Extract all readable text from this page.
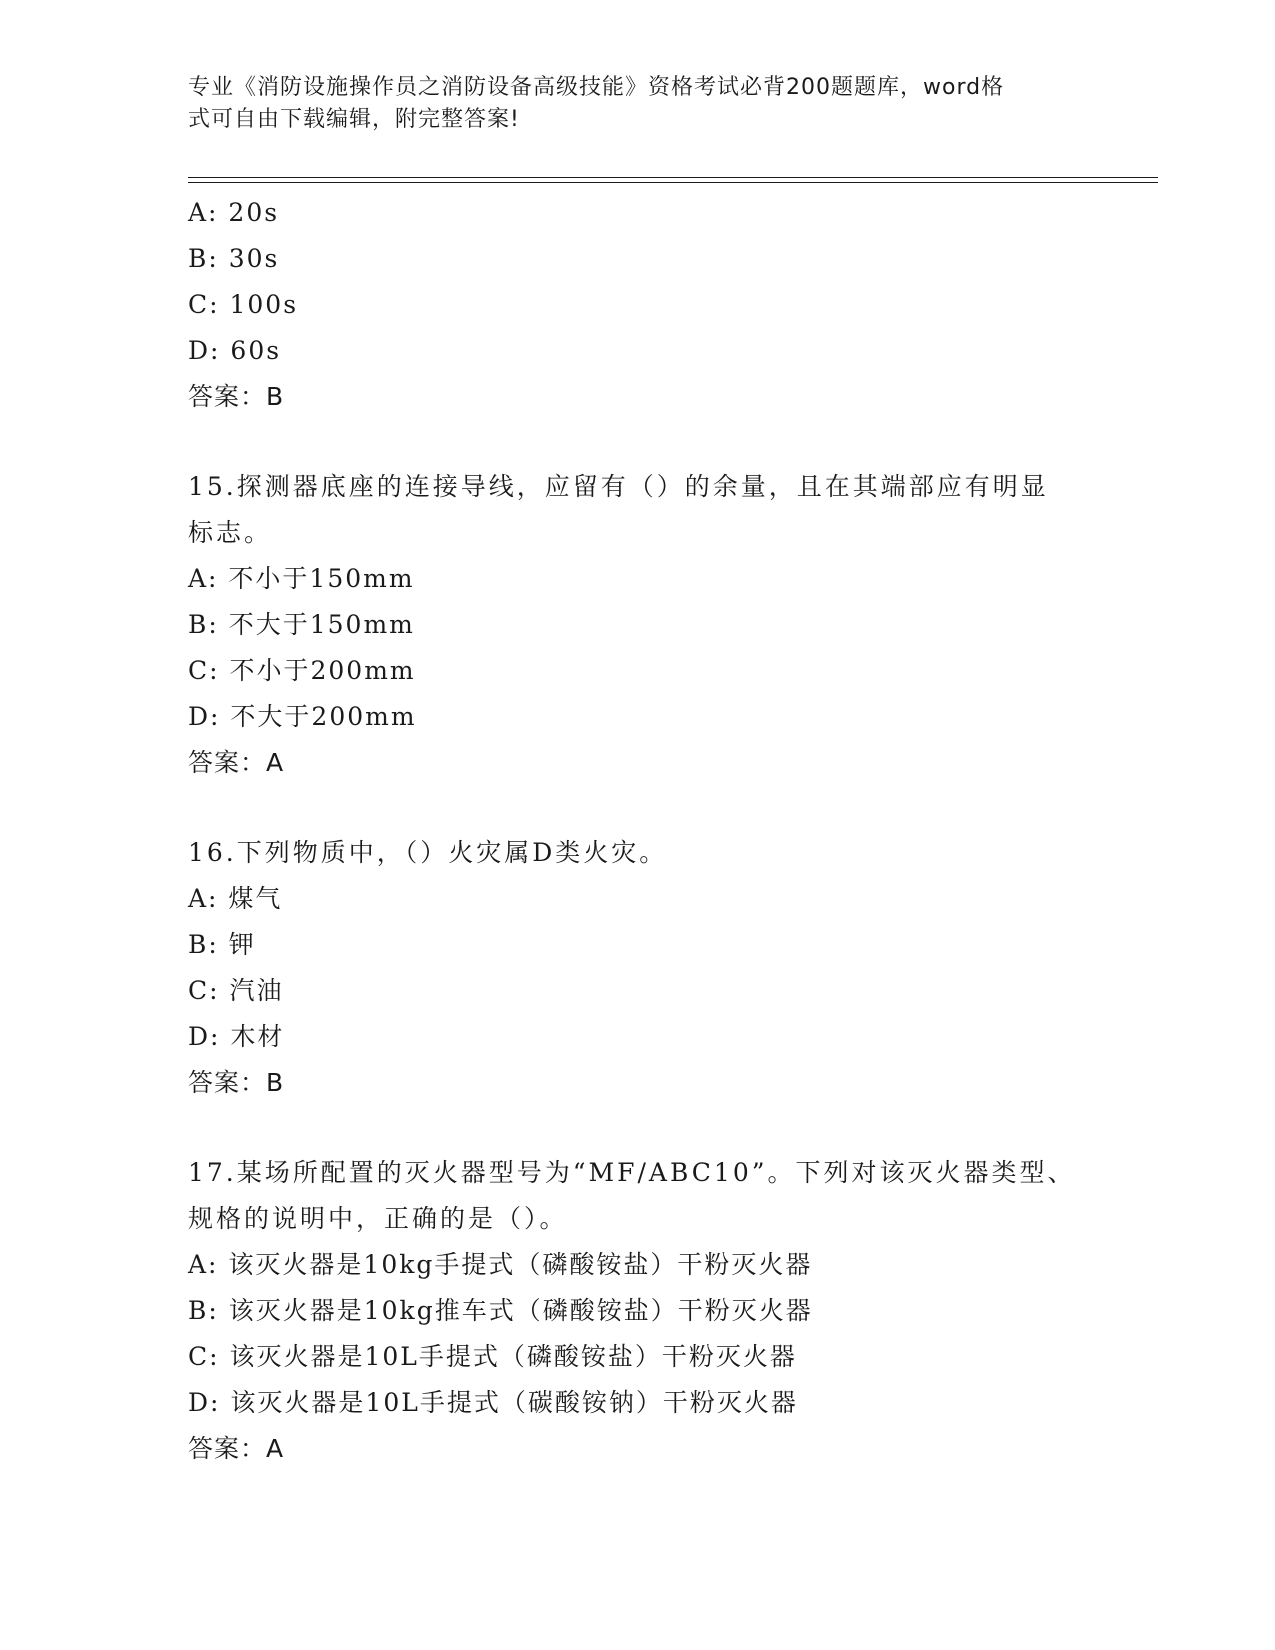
专业《消防设施操作员之消防设备高级技能》资格考试必背200题题库，word格
式可自由下载编辑，附完整答案!
A: 20s
B: 30s
C: 100s
D: 60s
答案：B
15.探测器底座的连接导线，应留有（）的余量，且在其端部应有明显
标志。
A: 不小于150mm
B: 不大于150mm
C: 不小于200mm
D: 不大于200mm
答案：A
16.下列物质中，（）火灾属D类火灾。
A: 煤气
B: 钾
C: 汽油
D: 木材
答案：B
17.某场所配置的灭火器型号为“MF/ABC10”。下列对该灭火器类型、
规格的说明中，正确的是（）。
A: 该灭火器是10kg手提式（磷酸铵盐）干粉灭火器
B: 该灭火器是10kg推车式（磷酸铵盐）干粉灭火器
C: 该灭火器是10L手提式（磷酸铵盐）干粉灭火器
D: 该灭火器是10L手提式（碳酸铵钠）干粉灭火器
答案：A
